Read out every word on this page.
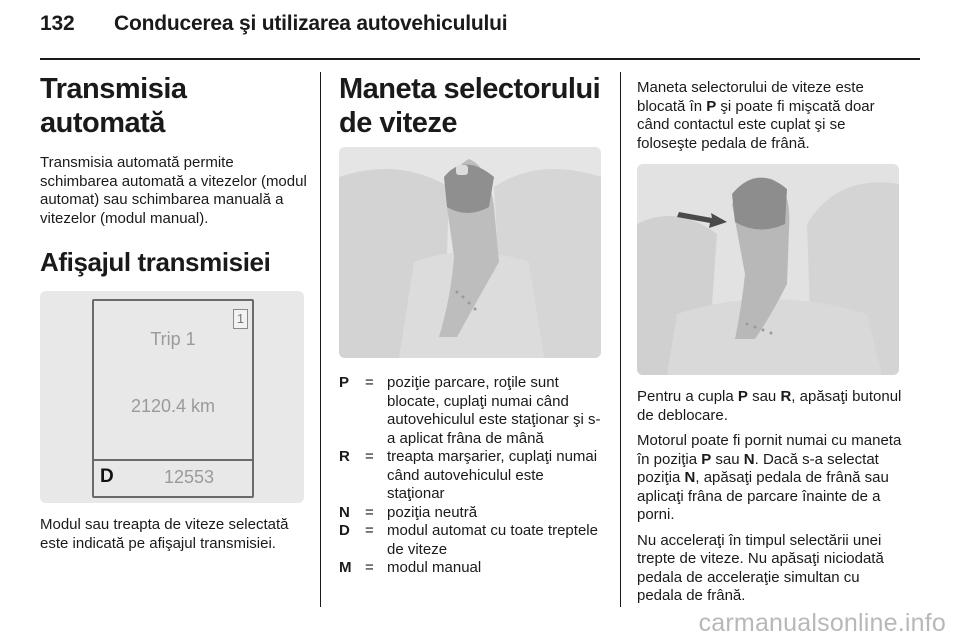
132 Conducerea şi utilizarea autovehiculului
Transmisia automată

Transmisia automată permite schimbarea automată a vitezelor (modul automat) sau schimbarea manuală a vitezelor (modul manual).

Afişajul transmisiei
1
Trip 1
2120.4 km
D	12553

Modul sau treapta de viteze selectată este indicată pe afişajul transmisiei.

Maneta selectorului de viteze
P	= poziţie parcare, roţile sunt blocate, cuplaţi numai când autovehiculul este staţionar şi s-a aplicat frâna de mână
R	= treapta marşarier, cuplaţi numai când autovehiculul este staţionar
N	= poziţia neutră
D	= modul automat cu toate treptele de viteze
M = modul manual

Maneta selectorului de viteze este blocată în P şi poate fi mişcată doar când contactul este cuplat şi se foloseşte pedala de frână.

Pentru a cupla P sau R, apăsaţi butonul de deblocare.

Motorul poate fi pornit numai cu maneta în poziţia P sau N. Dacă s-a selectat poziţia N, apăsaţi pedala de frână sau aplicaţi frâna de parcare înainte de a porni.

Nu acceleraţi în timpul selectării unei trepte de viteze. Nu apăsaţi niciodată pedala de acceleraţie simultan cu pedala de frână.

carmanualsonline.info
